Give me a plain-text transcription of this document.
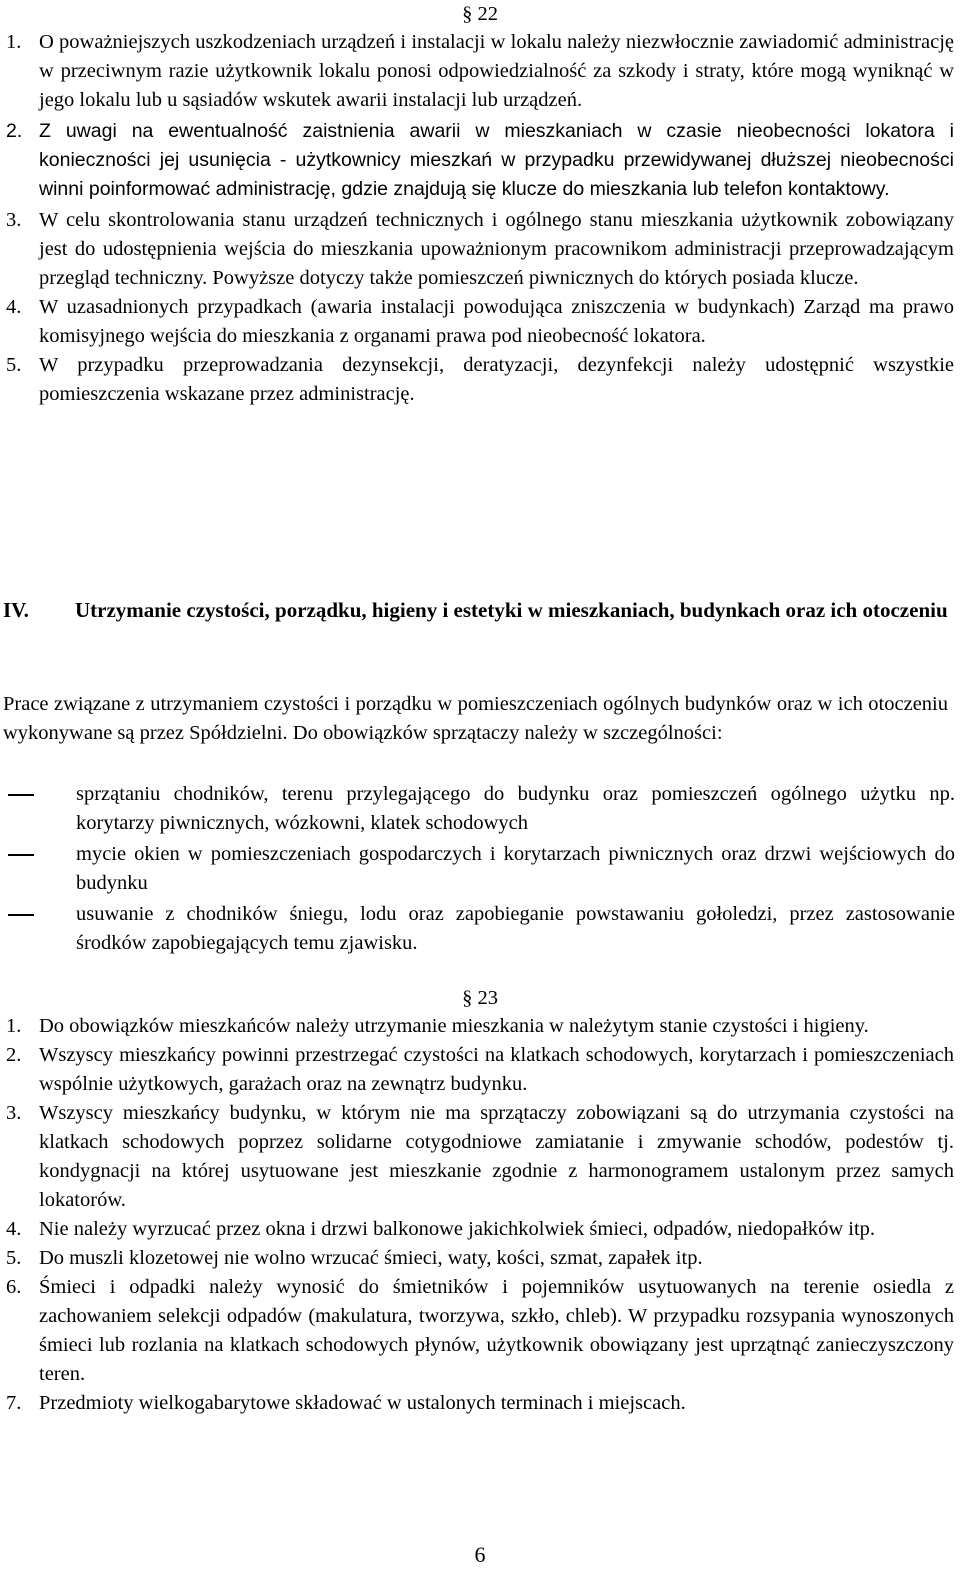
§ 22
1. O poważniejszych uszkodzeniach urządzeń i instalacji w lokalu należy niezwłocznie zawiadomić administrację w przeciwnym razie użytkownik lokalu ponosi odpowiedzialność za szkody i straty, które mogą wyniknąć w jego lokalu lub u sąsiadów wskutek awarii instalacji lub urządzeń.
2. Z uwagi na ewentualność zaistnienia awarii w mieszkaniach w czasie nieobecności lokatora i konieczności jej usunięcia - użytkownicy mieszkań w przypadku przewidywanej dłuższej nieobecności winni poinformować administrację, gdzie znajdują się klucze do mieszkania lub telefon kontaktowy.
3. W celu skontrolowania stanu urządzeń technicznych i ogólnego stanu mieszkania użytkownik zobowiązany jest do udostępnienia wejścia do mieszkania upoważnionym pracownikom administracji przeprowadzającym przegląd techniczny. Powyższe dotyczy także pomieszczeń piwnicznych do których posiada klucze.
4. W uzasadnionych przypadkach (awaria instalacji powodująca zniszczenia w budynkach) Zarząd ma prawo komisyjnego wejścia do mieszkania z organami prawa pod nieobecność lokatora.
5. W przypadku przeprowadzania dezynsekcji, deratyzacji, dezynfekcji należy udostępnić wszystkie pomieszczenia wskazane przez administrację.
IV. Utrzymanie czystości, porządku, higieny i estetyki w mieszkaniach, budynkach oraz ich otoczeniu
Prace związane z utrzymaniem czystości i porządku w pomieszczeniach ogólnych budynków oraz w ich otoczeniu wykonywane są przez Spółdzielni. Do obowiązków sprzątaczy należy w szczególności:
sprzątaniu chodników, terenu przylegającego do budynku oraz pomieszczeń ogólnego użytku np. korytarzy piwnicznych, wózkowni, klatek schodowych
mycie okien w pomieszczeniach gospodarczych i korytarzach piwnicznych oraz drzwi wejściowych do budynku
usuwanie z chodników śniegu, lodu oraz zapobieganie powstawaniu gołoledzi, przez zastosowanie środków zapobiegających temu zjawisku.
§ 23
1. Do obowiązków mieszkańców należy utrzymanie mieszkania w należytym stanie czystości i higieny.
2. Wszyscy mieszkańcy powinni przestrzegać czystości na klatkach schodowych, korytarzach i pomieszczeniach wspólnie użytkowych, garażach oraz na zewnątrz budynku.
3. Wszyscy mieszkańcy budynku, w którym nie ma sprzątaczy zobowiązani są do utrzymania czystości na klatkach schodowych poprzez solidarne cotygodniowe zamiatanie i zmywanie schodów, podestów tj. kondygnacji na której usytuowane jest mieszkanie zgodnie z harmonogramem ustalonym przez samych lokatorów.
4. Nie należy wyrzucać przez okna i drzwi balkonowe jakichkolwiek śmieci, odpadów, niedopałków itp.
5. Do muszli klozetowej nie wolno wrzucać śmieci, waty, kości, szmat, zapałek itp.
6. Śmieci i odpadki należy wynosić do śmietników i pojemników usytuowanych na terenie osiedla z zachowaniem selekcji odpadów (makulatura, tworzywa, szkło, chleb). W przypadku rozsypania wynoszonych śmieci lub rozlania na klatkach schodowych płynów, użytkownik obowiązany jest uprzątnąć zanieczyszczony teren.
7. Przedmioty wielkogabarytowe składować w ustalonych terminach i miejscach.
6
